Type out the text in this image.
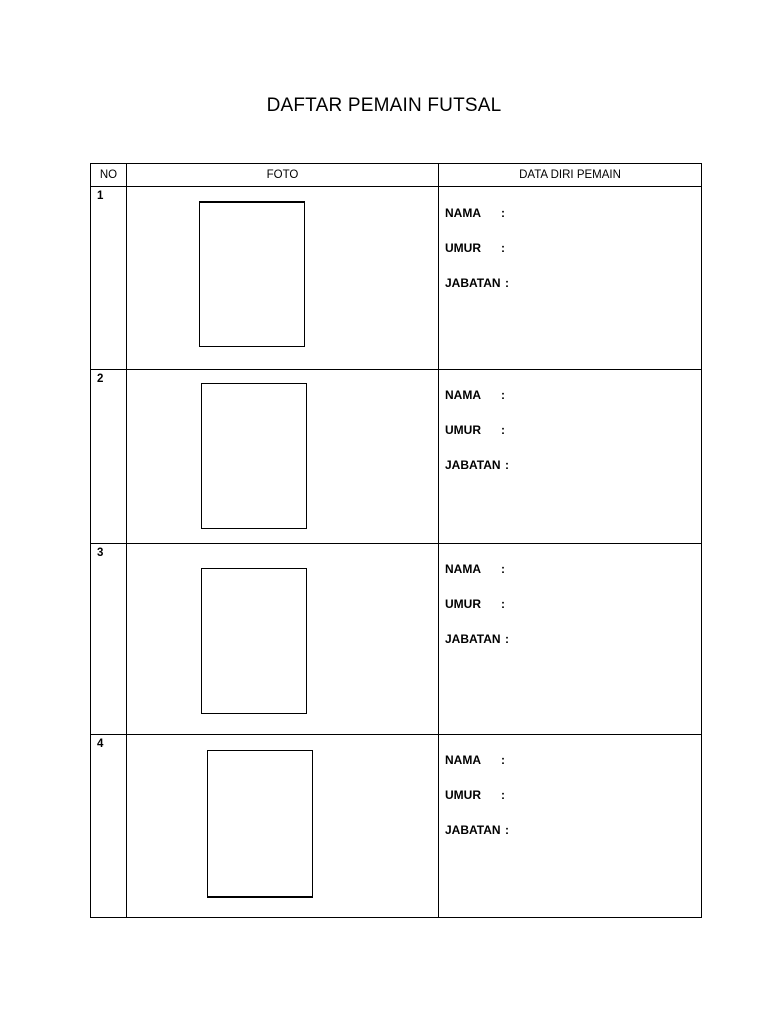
DAFTAR PEMAIN FUTSAL
NO	FOTO	DATA DIRI PEMAIN
1		NAMA :
UMUR :
JABATAN :

2		NAMA :
UMUR :
JABATAN :

3		NAMA :
UMUR :
JABATAN :

4		NAMA :
UMUR :
JABATAN :
